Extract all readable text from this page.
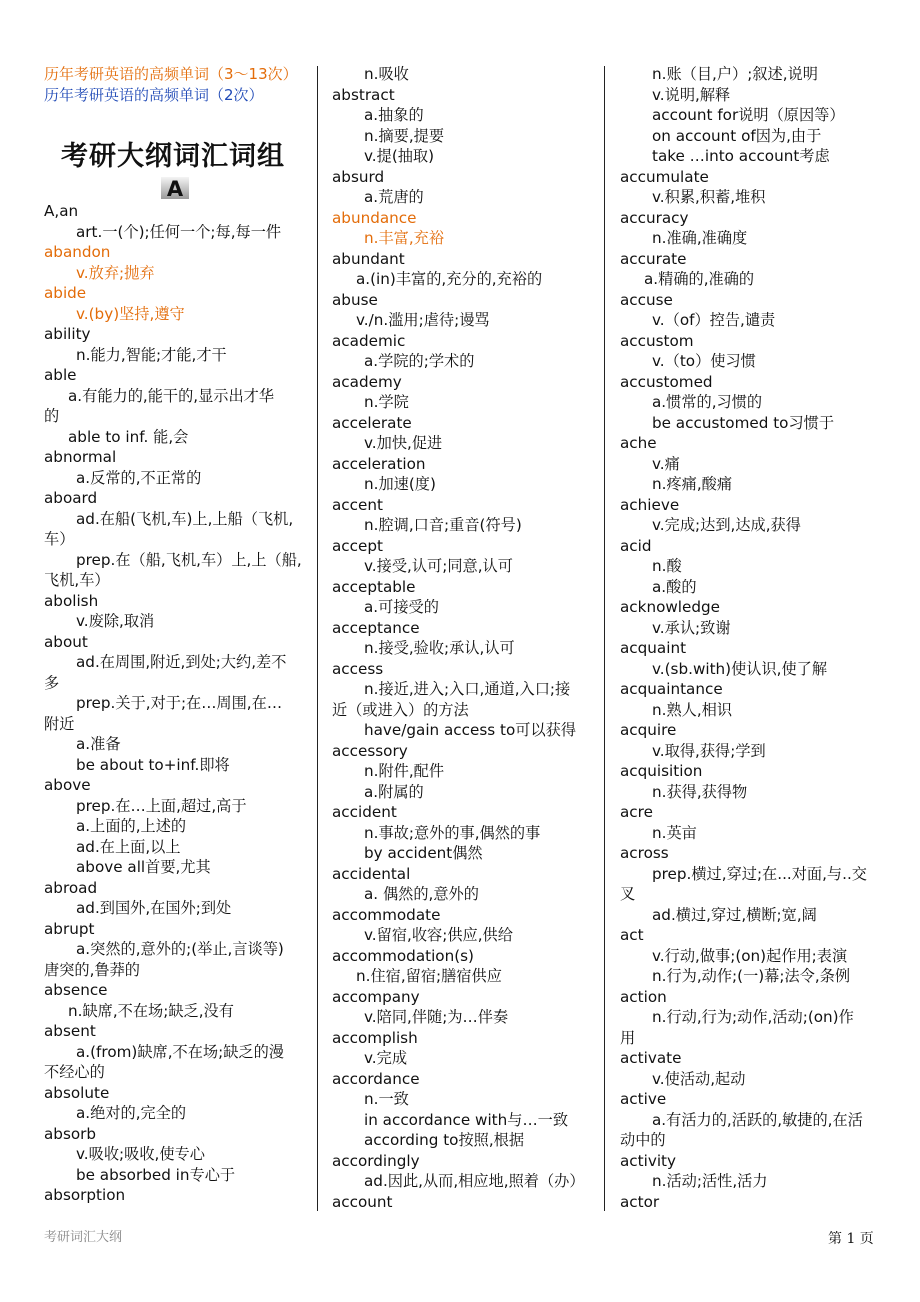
历年考研英语的高频单词（3～13次）
历年考研英语的高频单词（2次）
考研大纲词汇词组
A
A,an
art.一(个);任何一个;每,每一件
abandon
v.放弃;抛弃
abide
v.(by)坚持,遵守
ability
n.能力,智能;才能,才干
able
a.有能力的,能干的,显示出才华
的
able to inf. 能,会
abnormal
a.反常的,不正常的
aboard
ad.在船(飞机,车)上,上船（飞机,
车）
prep.在（船,飞机,车）上,上（船,
飞机,车）
abolish
v.废除,取消
about
ad.在周围,附近,到处;大约,差不
多
prep.关于,对于;在…周围,在…
附近
a.准备
be about to+inf.即将
above
prep.在…上面,超过,高于
a.上面的,上述的
ad.在上面,以上
above all首要,尤其
abroad
ad.到国外,在国外;到处
abrupt
a.突然的,意外的;(举止,言谈等)
唐突的,鲁莽的
absence
n.缺席,不在场;缺乏,没有
absent
a.(from)缺席,不在场;缺乏的漫
不经心的
absolute
a.绝对的,完全的
absorb
v.吸收;吸收,使专心
be absorbed in专心于
absorption
n.吸收
abstract
a.抽象的
n.摘要,提要
v.提(抽取)
absurd
a.荒唐的
abundance
n.丰富,充裕
abundant
a.(in)丰富的,充分的,充裕的
abuse
v./n.滥用;虐待;谩骂
academic
a.学院的;学术的
academy
n.学院
accelerate
v.加快,促进
acceleration
n.加速(度)
accent
n.腔调,口音;重音(符号)
accept
v.接受,认可;同意,认可
acceptable
a.可接受的
acceptance
n.接受,验收;承认,认可
access
n.接近,进入;入口,通道,入口;接
近（或进入）的方法
have/gain access to可以获得
accessory
n.附件,配件
a.附属的
accident
n.事故;意外的事,偶然的事
by accident偶然
accidental
a. 偶然的,意外的
accommodate
v.留宿,收容;供应,供给
accommodation(s)
n.住宿,留宿;膳宿供应
accompany
v.陪同,伴随;为…伴奏
accomplish
v.完成
accordance
n.一致
in accordance with与…一致
according to按照,根据
accordingly
ad.因此,从而,相应地,照着（办）
account
n.账（目,户）;叙述,说明
v.说明,解释
account for说明（原因等）
on account of因为,由于
take …into account考虑
accumulate
v.积累,积蓄,堆积
accuracy
n.准确,准确度
accurate
a.精确的,准确的
accuse
v.（of）控告,谴责
accustom
v.（to）使习惯
accustomed
a.惯常的,习惯的
be accustomed to习惯于
ache
v.痛
n.疼痛,酸痛
achieve
v.完成;达到,达成,获得
acid
n.酸
a.酸的
acknowledge
v.承认;致谢
acquaint
v.(sb.with)使认识,使了解
acquaintance
n.熟人,相识
acquire
v.取得,获得;学到
acquisition
n.获得,获得物
acre
n.英亩
across
prep.横过,穿过;在...对面,与..交
叉
ad.横过,穿过,横断;宽,阔
act
v.行动,做事;(on)起作用;表演
n.行为,动作;(一)幕;法令,条例
action
n.行动,行为;动作,活动;(on)作
用
activate
v.使活动,起动
active
a.有活力的,活跃的,敏捷的,在活
动中的
activity
n.活动;活性,活力
actor
考研词汇大纲	第 1 页
